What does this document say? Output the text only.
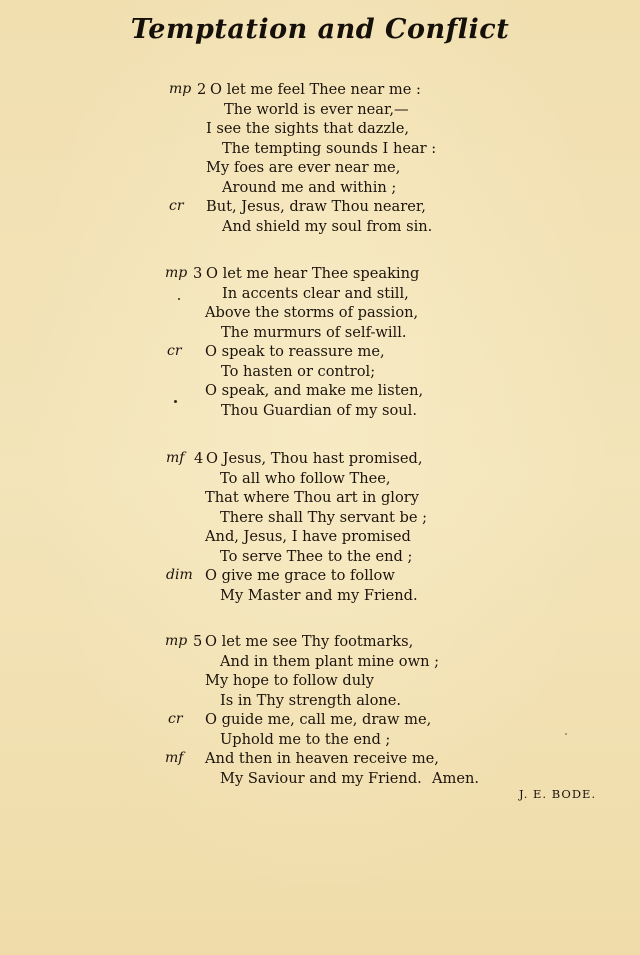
Temptation and Conflict
mp 2 O let me feel Thee near me :
The world is ever near,—
I see the sights that dazzle,
The tempting sounds I hear :
My foes are ever near me,
Around me and within ;
cr But, Jesus, draw Thou nearer,
And shield my soul from sin.
mp 3 O let me hear Thee speaking
In accents clear and still,
Above the storms of passion,
The murmurs of self-will.
cr O speak to reassure me,
To hasten or control;
O speak, and make me listen,
Thou Guardian of my soul.
mf 4 O Jesus, Thou hast promised,
To all who follow Thee,
That where Thou art in glory
There shall Thy servant be ;
And, Jesus, I have promised
To serve Thee to the end ;
dim O give me grace to follow
My Master and my Friend.
mp 5 O let me see Thy footmarks,
And in them plant mine own ;
My hope to follow duly
Is in Thy strength alone.
cr O guide me, call me, draw me,
Uphold me to the end ;
mf And then in heaven receive me,
My Saviour and my Friend. Amen.
J. E. BODE.
